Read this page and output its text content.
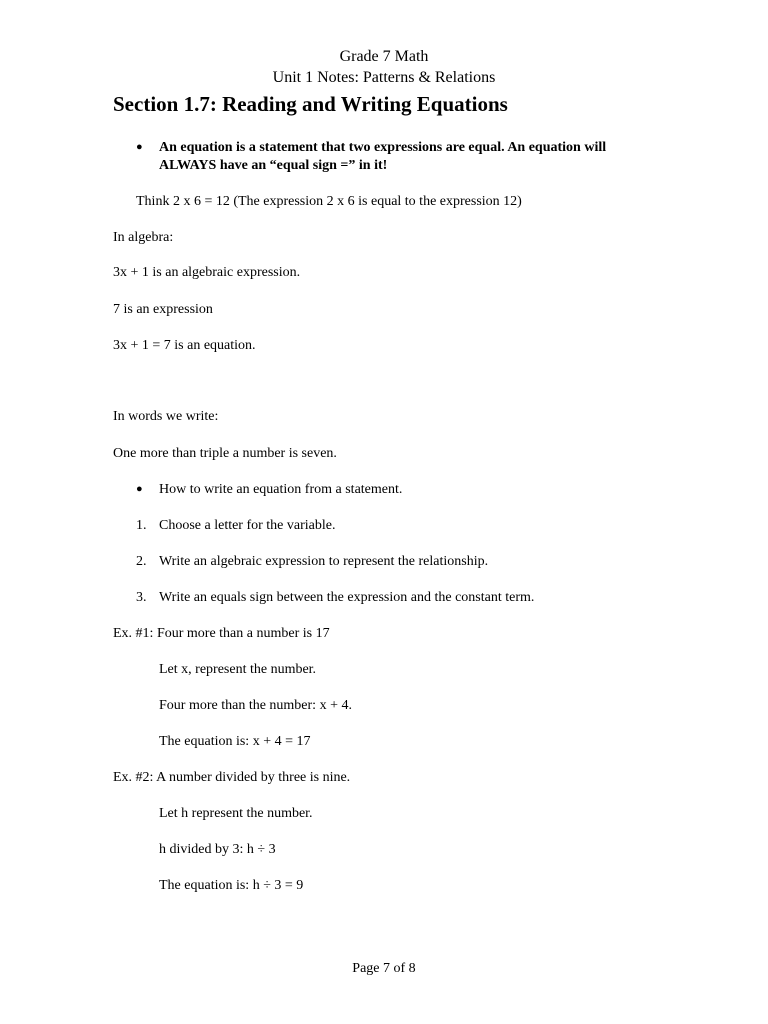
Grade 7 Math
Unit 1 Notes: Patterns & Relations
Section 1.7: Reading and Writing Equations
● An equation is a statement that two expressions are equal. An equation will
ALWAYS have an “equal sign =” in it!
Think 2 x 6 = 12 (The expression 2 x 6 is equal to the expression 12)
In algebra:
3x + 1 is an algebraic expression.
7 is an expression
3x + 1 = 7 is an equation.
In words we write:
One more than triple a number is seven.
● How to write an equation from a statement.
1. Choose a letter for the variable.
2. Write an algebraic expression to represent the relationship.
3. Write an equals sign between the expression and the constant term.
Ex. #1: Four more than a number is 17
Let x, represent the number.
Four more than the number: x + 4.
The equation is: x + 4 = 17
Ex. #2: A number divided by three is nine.
Let h represent the number.
h divided by 3: h ÷ 3
The equation is: h ÷ 3 = 9
Page 7 of 8
